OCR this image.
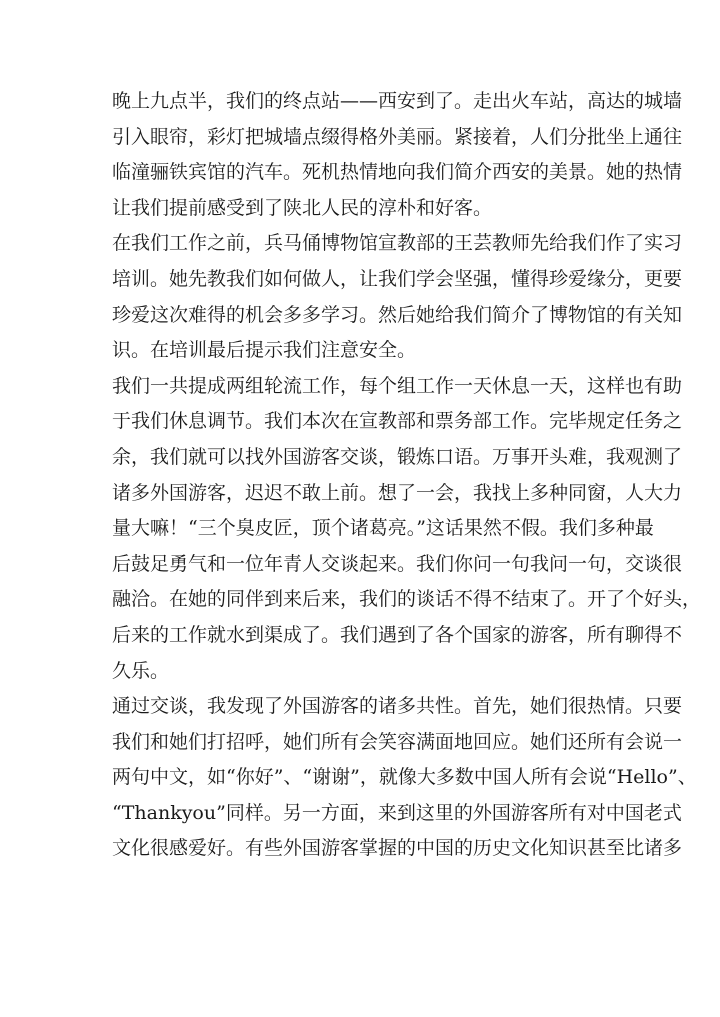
晚上九点半，我们的终点站——西安到了。走出火车站，高达的城墙
引入眼帘，彩灯把城墙点缀得格外美丽。紧接着，人们分批坐上通往
临潼骊铁宾馆的汽车。死机热情地向我们简介西安的美景。她的热情
让我们提前感受到了陕北人民的淳朴和好客。
在我们工作之前，兵马俑博物馆宣教部的王芸教师先给我们作了实习
培训。她先教我们如何做人，让我们学会坚强，懂得珍爱缘分，更要
珍爱这次难得的机会多多学习。然后她给我们简介了博物馆的有关知
识。在培训最后提示我们注意安全。
我们一共提成两组轮流工作，每个组工作一天休息一天，这样也有助
于我们休息调节。我们本次在宣教部和票务部工作。完毕规定任务之
余，我们就可以找外国游客交谈，锻炼口语。万事开头难，我观测了
诸多外国游客，迟迟不敢上前。想了一会，我找上多种同窗，人大力
量大嘛！“三个臭皮匠，顶个诸葛亮。”这话果然不假。我们多种最
后鼓足勇气和一位年青人交谈起来。我们你问一句我问一句，交谈很
融洽。在她的同伴到来后来，我们的谈话不得不结束了。开了个好头，
后来的工作就水到渠成了。我们遇到了各个国家的游客，所有聊得不
久乐。
通过交谈，我发现了外国游客的诸多共性。首先，她们很热情。只要
我们和她们打招呼，她们所有会笑容满面地回应。她们还所有会说一
两句中文，如“你好”、“谢谢”，就像大多数中国人所有会说“Hello”、
“Thankyou”同样。另一方面，来到这里的外国游客所有对中国老式
文化很感爱好。有些外国游客掌握的中国的历史文化知识甚至比诸多
